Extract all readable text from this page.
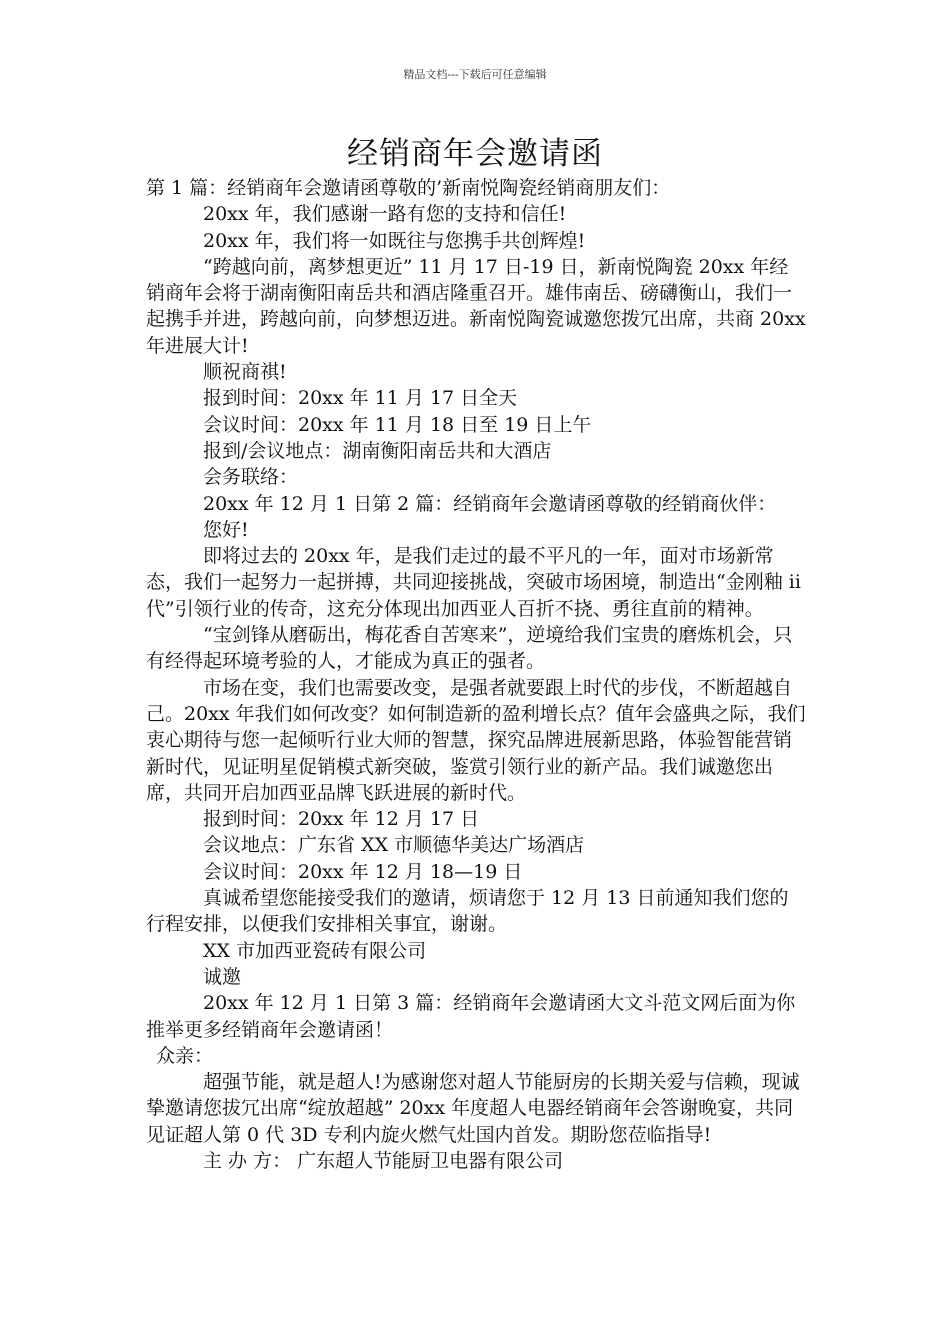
精品文档---下载后可任意编辑
经销商年会邀请函

第 1 篇：经销商年会邀请函尊敬的’新南悦陶瓷经销商朋友们：

20xx 年，我们感谢一路有您的支持和信任!

20xx 年，我们将一如既往与您携手共创辉煌!

“跨越向前，离梦想更近” 11 月 17 日-19 日，新南悦陶瓷 20xx 年经销商年会将于湖南衡阳南岳共和酒店隆重召开。雄伟南岳、磅礴衡山，我们一起携手并进，跨越向前，向梦想迈进。新南悦陶瓷诚邀您拨冗出席，共商 20xx 年进展大计!

顺祝商祺!

报到时间：20xx 年 11 月 17 日全天

会议时间：20xx 年 11 月 18 日至 19 日上午

报到/会议地点：湖南衡阳南岳共和大酒店

会务联络：

20xx 年 12 月 1 日第 2 篇：经销商年会邀请函尊敬的经销商伙伴：

您好!

即将过去的 20xx 年，是我们走过的最不平凡的一年，面对市场新常态，我们一起努力一起拼搏，共同迎接挑战，突破市场困境，制造出“金刚釉 ii 代”引领行业的传奇，这充分体现出加西亚人百折不挠、勇往直前的精神。

“宝剑锋从磨砺出，梅花香自苦寒来”，逆境给我们宝贵的磨炼机会，只有经得起环境考验的人，才能成为真正的强者。

市场在变，我们也需要改变，是强者就要跟上时代的步伐，不断超越自己。20xx 年我们如何改变？如何制造新的盈利增长点？值年会盛典之际，我们衷心期待与您一起倾听行业大师的智慧，探究品牌进展新思路，体验智能营销新时代，见证明星促销模式新突破，鉴赏引领行业的新产品。我们诚邀您出席，共同开启加西亚品牌飞跃进展的新时代。

报到时间：20xx 年 12 月 17 日

会议地点：广东省 XX 市顺德华美达广场酒店

会议时间：20xx 年 12 月 18—19 日

真诚希望您能接受我们的邀请，烦请您于 12 月 13 日前通知我们您的行程安排，以便我们安排相关事宜，谢谢。

XX 市加西亚瓷砖有限公司

诚邀

20xx 年 12 月 1 日第 3 篇：经销商年会邀请函大文斗范文网后面为你推举更多经销商年会邀请函！

众亲：

超强节能，就是超人!为感谢您对超人节能厨房的长期关爱与信赖，现诚挚邀请您拔冗出席“绽放超越” 20xx 年度超人电器经销商年会答谢晚宴，共同见证超人第 0 代 3D 专利内旋火燃气灶国内首发。期盼您莅临指导!

主 办 方： 广东超人节能厨卫电器有限公司
